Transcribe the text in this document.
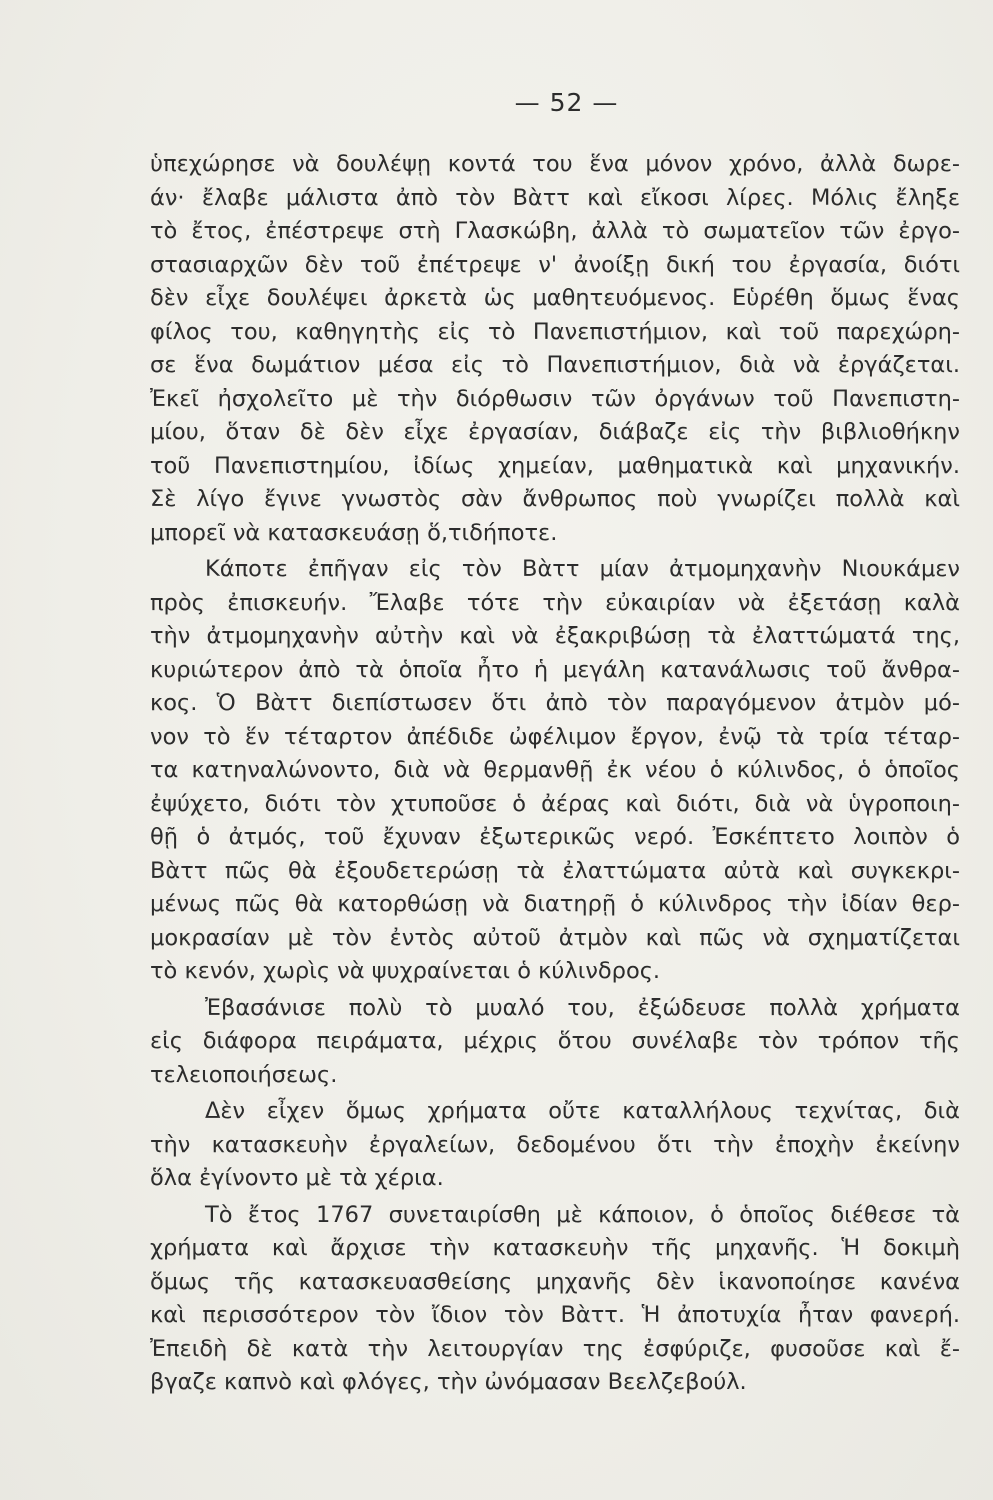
— 52 —
ὑπεχώρησε νὰ δουλέψῃ κοντά του ἕνα μόνον χρόνο, ἀλλὰ δωρε-
άν· ἔλαβε μάλιστα ἀπὸ τὸν Βὰττ καὶ εἴκοσι λίρες. Μόλις ἔληξε
τὸ ἔτος, ἐπέστρεψε στὴ Γλασκώβη, ἀλλὰ τὸ σωματεῖον τῶν ἐργο-
στασιαρχῶν δὲν τοῦ ἐπέτρεψε ν' ἀνοίξῃ δική του ἐργασία, διότι
δὲν εἶχε δουλέψει ἀρκετὰ ὡς μαθητευόμενος. Εὑρέθη ὅμως ἕνας
φίλος του, καθηγητὴς εἰς τὸ Πανεπιστήμιον, καὶ τοῦ παρεχώρη-
σε ἕνα δωμάτιον μέσα εἰς τὸ Πανεπιστήμιον, διὰ νὰ ἐργάζεται.
Ἐκεῖ ἠσχολεῖτο μὲ τὴν διόρθωσιν τῶν ὀργάνων τοῦ Πανεπιστη-
μίου, ὅταν δὲ δὲν εἶχε ἐργασίαν, διάβαζε εἰς τὴν βιβλιοθήκην
τοῦ Πανεπιστημίου, ἰδίως χημείαν, μαθηματικὰ καὶ μηχανικήν.
Σὲ λίγο ἔγινε γνωστὸς σὰν ἄνθρωπος ποὺ γνωρίζει πολλὰ καὶ
μπορεῖ νὰ κατασκευάσῃ ὅ,τιδήποτε.
Κάποτε ἐπῆγαν εἰς τὸν Βὰττ μίαν ἀτμομηχανὴν Νιουκάμεν
πρὸς ἐπισκευήν. Ἔλαβε τότε τὴν εὐκαιρίαν νὰ ἐξετάσῃ καλὰ
τὴν ἀτμομηχανὴν αὐτὴν καὶ νὰ ἐξακριβώσῃ τὰ ἐλαττώματά της,
κυριώτερον ἀπὸ τὰ ὁποῖα ἦτο ἡ μεγάλη κατανάλωσις τοῦ ἄνθρα-
κος. Ὁ Βὰττ διεπίστωσεν ὅτι ἀπὸ τὸν παραγόμενον ἀτμὸν μό-
νον τὸ ἕν τέταρτον ἀπέδιδε ὠφέλιμον ἔργον, ἐνῷ τὰ τρία τέταρ-
τα κατηναλώνοντο, διὰ νὰ θερμανθῇ ἐκ νέου ὁ κύλινδος, ὁ ὁποῖος
ἐψύχετο, διότι τὸν χτυποῦσε ὁ ἀέρας καὶ διότι, διὰ νὰ ὑγροποιη-
θῇ ὁ ἀτμός, τοῦ ἔχυναν ἐξωτερικῶς νερό. Ἐσκέπτετο λοιπὸν ὁ
Βὰττ πῶς θὰ ἐξουδετερώσῃ τὰ ἐλαττώματα αὐτὰ καὶ συγκεκρι-
μένως πῶς θὰ κατορθώσῃ νὰ διατηρῇ ὁ κύλινδρος τὴν ἰδίαν θερ-
μοκρασίαν μὲ τὸν ἐντὸς αὐτοῦ ἀτμὸν καὶ πῶς νὰ σχηματίζεται
τὸ κενόν, χωρὶς νὰ ψυχραίνεται ὁ κύλινδρος.
Ἐβασάνισε πολὺ τὸ μυαλό του, ἐξώδευσε πολλὰ χρήματα
εἰς διάφορα πειράματα, μέχρις ὅτου συνέλαβε τὸν τρόπον τῆς
τελειοποιήσεως.
Δὲν εἶχεν ὅμως χρήματα οὔτε καταλλήλους τεχνίτας, διὰ
τὴν κατασκευὴν ἐργαλείων, δεδομένου ὅτι τὴν ἐποχὴν ἐκείνην
ὅλα ἐγίνοντο μὲ τὰ χέρια.
Τὸ ἔτος 1767 συνεταιρίσθη μὲ κάποιον, ὁ ὁποῖος διέθεσε τὰ
χρήματα καὶ ἄρχισε τὴν κατασκευὴν τῆς μηχανῆς. Ἡ δοκιμὴ
ὅμως τῆς κατασκευασθείσης μηχανῆς δὲν ἱκανοποίησε κανένα
καὶ περισσότερον τὸν ἴδιον τὸν Βὰττ. Ἡ ἀποτυχία ἦταν φανερή.
Ἐπειδὴ δὲ κατὰ τὴν λειτουργίαν της ἐσφύριζε, φυσοῦσε καὶ ἔ-
βγαζε καπνὸ καὶ φλόγες, τὴν ὠνόμασαν Βεελζεβούλ.
